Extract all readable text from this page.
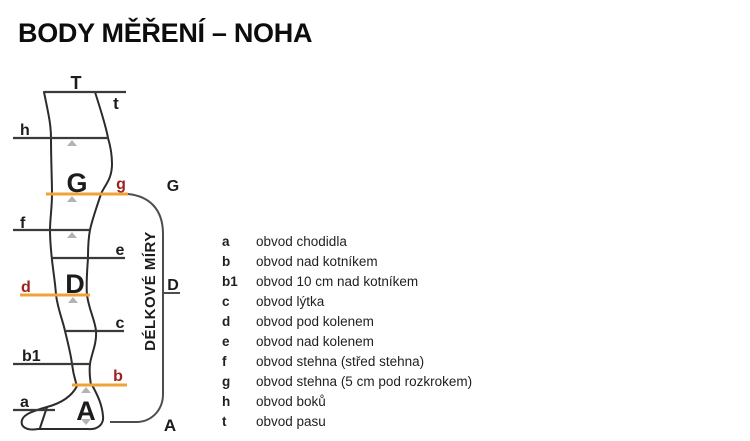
BODY MĚŘENÍ – NOHA
T
t
h
G g	G
f
e
d D	D
c
b1
b
a A	A
DÉLKOVÉ MÍRY	a	obvod chodidla
b	obvod nad kotníkem
b1	obvod 10 cm nad kotníkem
c	obvod lýtka
d	obvod pod kolenem
e	obvod nad kolenem
f	obvod stehna (střed stehna)
g	obvod stehna (5 cm pod rozkrokem)
h	obvod boků
t	obvod pasu
